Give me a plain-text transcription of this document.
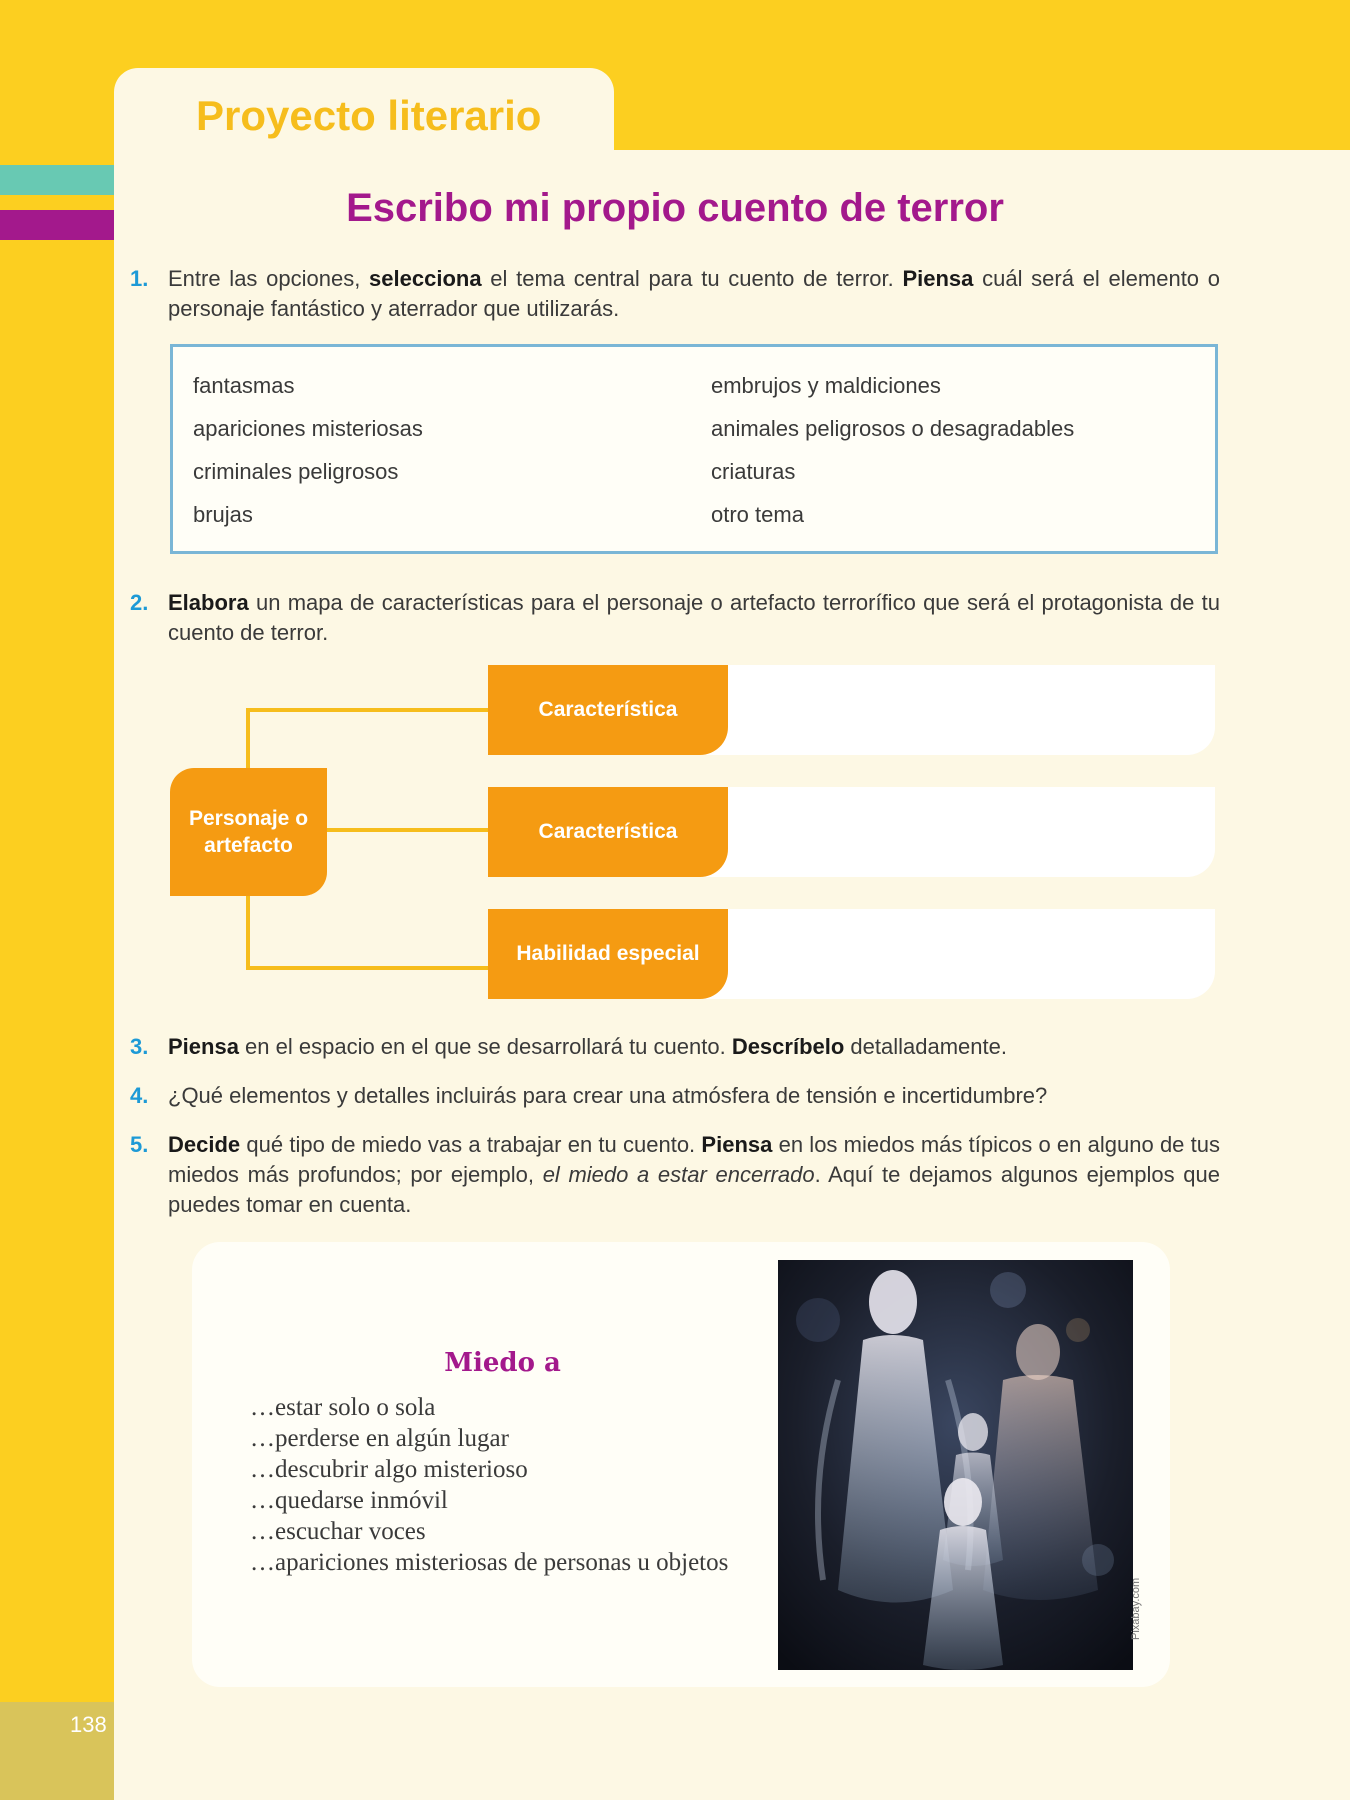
Proyecto literario
Escribo mi propio cuento de terror
1. Entre las opciones, selecciona el tema central para tu cuento de terror. Piensa cuál será el elemento o personaje fantástico y aterrador que utilizarás.
fantasmas
apariciones misteriosas
criminales peligrosos
brujas
embrujos y maldiciones
animales peligrosos o desagradables
criaturas
otro tema
2. Elabora un mapa de características para el personaje o artefacto terrorífico que será el protagonista de tu cuento de terror.
Personaje o artefacto
Característica
Característica
Habilidad especial
3. Piensa en el espacio en el que se desarrollará tu cuento. Descríbelo detalladamente.
4. ¿Qué elementos y detalles incluirás para crear una atmósfera de tensión e incertidumbre?
5. Decide qué tipo de miedo vas a trabajar en tu cuento. Piensa en los miedos más típicos o en alguno de tus miedos más profundos; por ejemplo, el miedo a estar encerrado. Aquí te dejamos algunos ejemplos que puedes tomar en cuenta.
Miedo a
…estar solo o sola
…perderse en algún lugar
…descubrir algo misterioso
…quedarse inmóvil
…escuchar voces
…apariciones misteriosas de personas u objetos
Pixabay.com
138
